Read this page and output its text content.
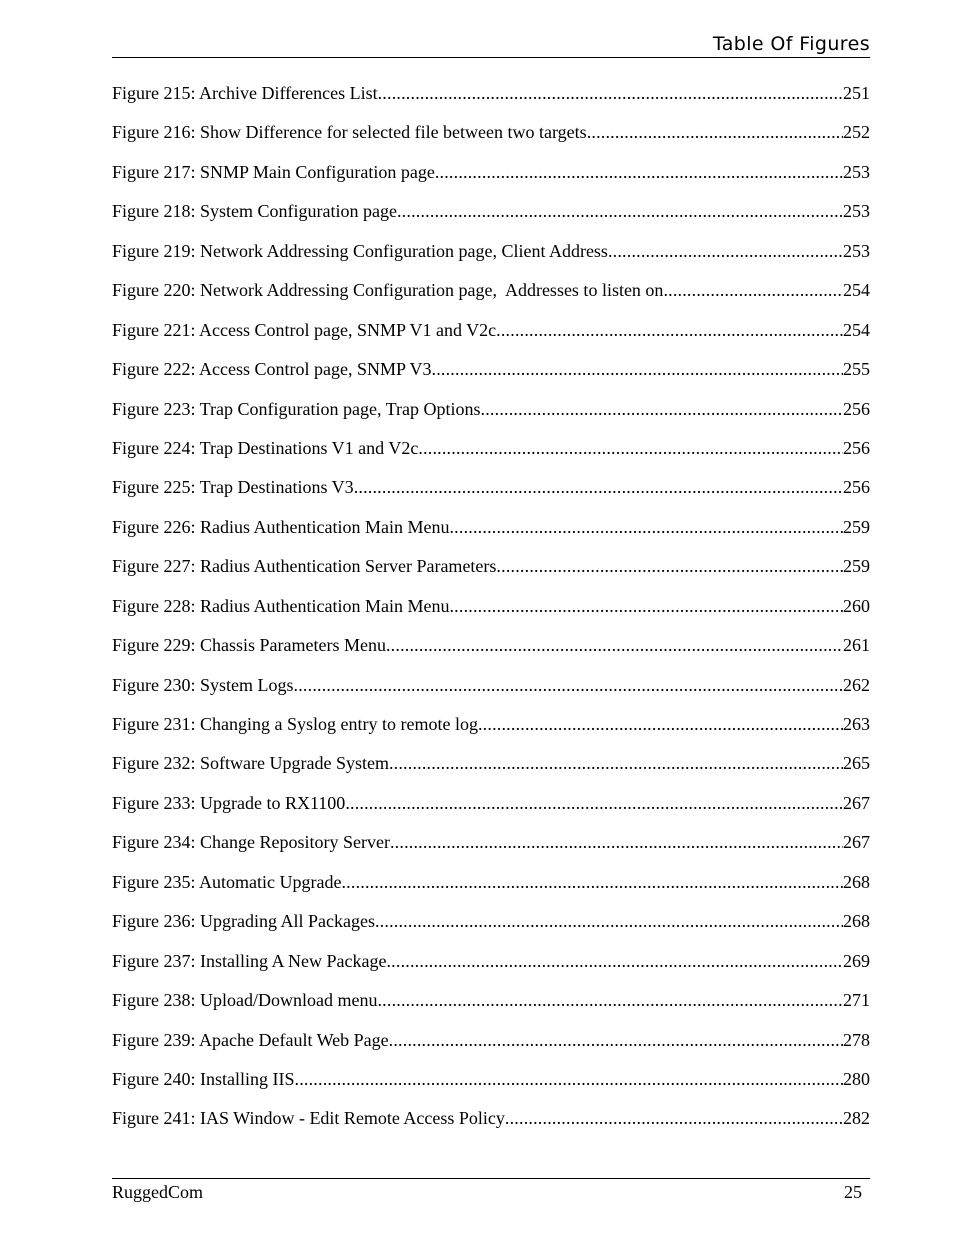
Table Of Figures
Figure 215: Archive Differences List .....	251
Figure 216: Show Difference for selected file between two targets .....	252
Figure 217: SNMP Main Configuration page .....	253
Figure 218: System Configuration page .....	253
Figure 219: Network Addressing Configuration page, Client Address .....	253
Figure 220: Network Addressing Configuration page,  Addresses to listen on .....	254
Figure 221: Access Control page, SNMP V1 and V2c .....	254
Figure 222: Access Control page, SNMP V3 .....	255
Figure 223: Trap Configuration page, Trap Options .....	256
Figure 224: Trap Destinations V1 and V2c .....	256
Figure 225: Trap Destinations V3 .....	256
Figure 226: Radius Authentication Main Menu .....	259
Figure 227: Radius Authentication Server Parameters .....	259
Figure 228: Radius Authentication Main Menu .....	260
Figure 229: Chassis Parameters Menu .....	261
Figure 230: System Logs .....	262
Figure 231: Changing a Syslog entry to remote log .....	263
Figure 232: Software Upgrade System .....	265
Figure 233: Upgrade to RX1100 .....	267
Figure 234: Change Repository Server .....	267
Figure 235: Automatic Upgrade .....	268
Figure 236: Upgrading All Packages .....	268
Figure 237: Installing A New Package .....	269
Figure 238: Upload/Download menu .....	271
Figure 239: Apache Default Web Page .....	278
Figure 240: Installing IIS .....	280
Figure 241: IAS Window - Edit Remote Access Policy .....	282
RuggedCom	25
